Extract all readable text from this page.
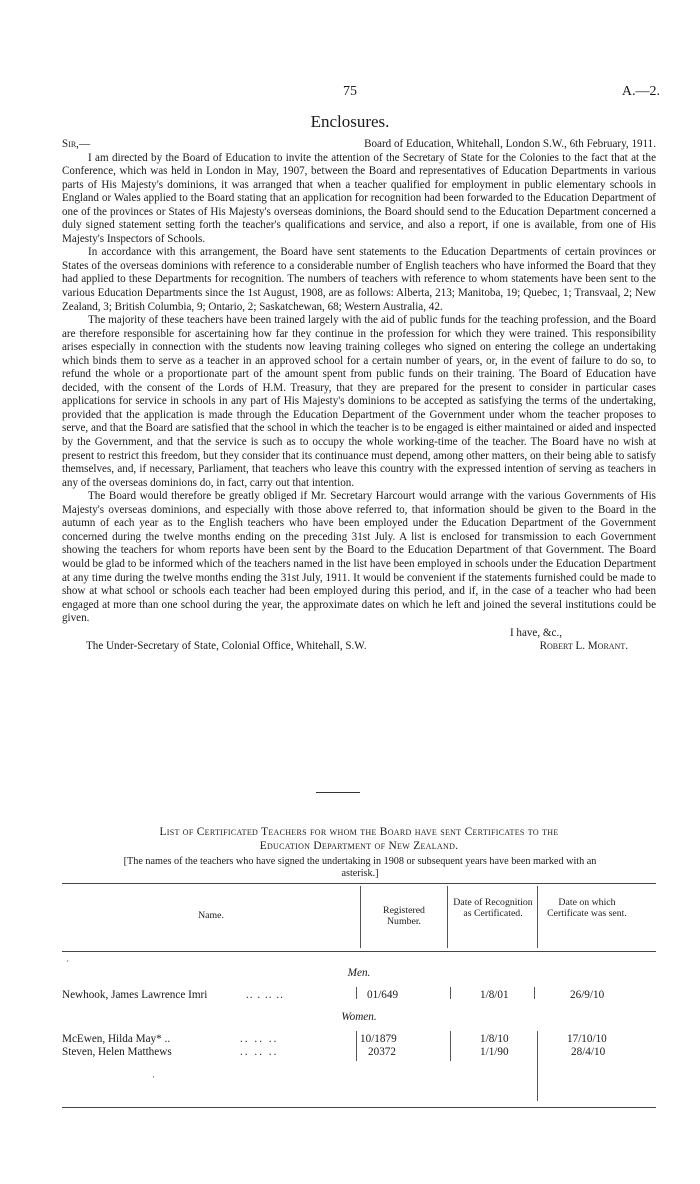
75	A.—2.
Enclosures.
Sir,—	Board of Education, Whitehall, London S.W., 6th February, 1911.

I am directed by the Board of Education to invite the attention of the Secretary of State for the Colonies to the fact that at the Conference, which was held in London in May, 1907, between the Board and representatives of Education Departments in various parts of His Majesty's dominions, it was arranged that when a teacher qualified for employment in public elementary schools in England or Wales applied to the Board stating that an application for recognition had been forwarded to the Education Department of one of the provinces or States of His Majesty's overseas dominions, the Board should send to the Education Department concerned a duly signed statement setting forth the teacher's qualifications and service, and also a report, if one is available, from one of His Majesty's Inspectors of Schools.

In accordance with this arrangement, the Board have sent statements to the Education Departments of certain provinces or States of the overseas dominions with reference to a considerable number of English teachers who have informed the Board that they had applied to these Departments for recognition. The numbers of teachers with reference to whom statements have been sent to the various Education Departments since the 1st August, 1908, are as follows: Alberta, 213; Manitoba, 19; Quebec, 1; Transvaal, 2; New Zealand, 3; British Columbia, 9; Ontario, 2; Saskatchewan, 68; Western Australia, 42.

The majority of these teachers have been trained largely with the aid of public funds for the teaching profession, and the Board are therefore responsible for ascertaining how far they continue in the profession for which they were trained. This responsibility arises especially in connection with the students now leaving training colleges who signed on entering the college an undertaking which binds them to serve as a teacher in an approved school for a certain number of years, or, in the event of failure to do so, to refund the whole or a proportionate part of the amount spent from public funds on their training. The Board of Education have decided, with the consent of the Lords of H.M. Treasury, that they are prepared for the present to consider in particular cases applications for service in schools in any part of His Majesty's dominions to be accepted as satisfying the terms of the undertaking, provided that the application is made through the Education Department of the Government under whom the teacher proposes to serve, and that the Board are satisfied that the school in which the teacher is to be engaged is either maintained or aided and inspected by the Government, and that the service is such as to occupy the whole working-time of the teacher. The Board have no wish at present to restrict this freedom, but they consider that its continuance must depend, among other matters, on their being able to satisfy themselves, and, if necessary, Parliament, that teachers who leave this country with the expressed intention of serving as teachers in any of the overseas dominions do, in fact, carry out that intention.

The Board would therefore be greatly obliged if Mr. Secretary Harcourt would arrange with the various Governments of His Majesty's overseas dominions, and especially with those above referred to, that information should be given to the Board in the autumn of each year as to the English teachers who have been employed under the Education Department of the Government concerned during the twelve months ending on the preceding 31st July. A list is enclosed for transmission to each Government showing the teachers for whom reports have been sent by the Board to the Education Department of that Government. The Board would be glad to be informed which of the teachers named in the list have been employed in schools under the Education Department at any time during the twelve months ending the 31st July, 1911. It would be convenient if the statements furnished could be made to show at what school or schools each teacher had been employed during this period, and if, in the case of a teacher who had been engaged at more than one school during the year, the approximate dates on which he left and joined the several institutions could be given.

I have, &c.,
The Under-Secretary of State, Colonial Office, Whitehall, S.W.	Robert L. Morant.
List of Certificated Teachers for whom the Board have sent Certificates to the
Education Department of New Zealand.
[The names of the teachers who have signed the undertaking in 1908 or subsequent years have been marked with an asterisk.]
Name.	Registered Number.
Date of Recognition as Certificated.
Date on which Certificate was sent.
´
Men.
Newhook, James Lawrence Imri	.. . .. ..	01/649	1/8/01	26/9/10
Women.
McEwen, Hilda May* ..	.. .. ..	10/1879	1/8/10	17/10/10
Steven, Helen Matthews	.. .. ..	20372	1/1/90	28/4/10
·
